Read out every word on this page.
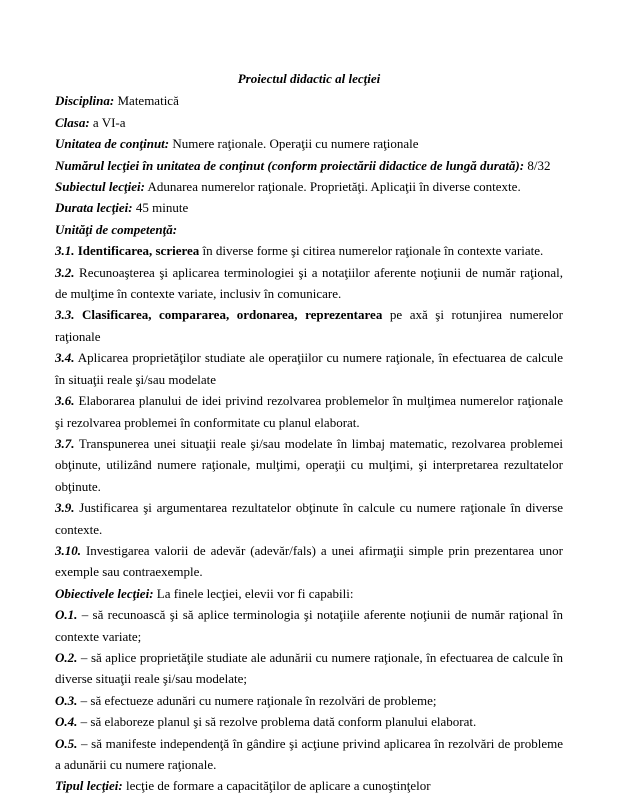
Proiectul didactic al lecţiei

Disciplina: Matematică

Clasa: a VI-a

Unitatea de conţinut: Numere raţionale. Operaţii cu numere raţionale

Numărul lecţiei în unitatea de conţinut (conform proiectării didactice de lungă durată): 8/32

Subiectul lecţiei: Adunarea numerelor raţionale. Proprietăţi. Aplicaţii în diverse contexte.

Durata lecţiei: 45 minute

Unităţi de competenţă:

3.1. Identificarea, scrierea în diverse forme şi citirea numerelor raţionale în contexte variate.

3.2. Recunoaşterea şi aplicarea terminologiei şi a notaţiilor aferente noţiunii de număr raţional, de mulţime în contexte variate, inclusiv în comunicare.

3.3. Clasificarea, compararea, ordonarea, reprezentarea pe axă şi rotunjirea numerelor raţionale

3.4. Aplicarea proprietăţilor studiate ale operaţiilor cu numere raţionale, în efectuarea de calcule în situaţii reale şi/sau modelate

3.6. Elaborarea planului de idei privind rezolvarea problemelor în mulţimea numerelor raţionale şi rezolvarea problemei în conformitate cu planul elaborat.

3.7. Transpunerea unei situaţii reale şi/sau modelate în limbaj matematic, rezolvarea problemei obţinute, utilizând numere raţionale, mulţimi, operaţii cu mulţimi, şi interpretarea rezultatelor obţinute.

3.9. Justificarea şi argumentarea rezultatelor obţinute în calcule cu numere raţionale în diverse contexte.

3.10. Investigarea valorii de adevăr (adevăr/fals) a unei afirmaţii simple prin prezentarea unor exemple sau contraexemple.

Obiectivele lecţiei: La finele lecţiei, elevii vor fi capabili:

O.1. – să recunoască şi să aplice terminologia şi notaţiile aferente noţiunii de număr raţional în contexte variate;

O.2. – să aplice proprietăţile studiate ale adunării cu numere raţionale, în efectuarea de calcule în diverse situaţii reale şi/sau modelate;

O.3. – să efectueze adunări cu numere raţionale în rezolvări de probleme;

O.4. – să elaboreze planul şi să rezolve problema dată conform planului elaborat.

O.5. – să manifeste independenţă în gândire şi acţiune privind aplicarea în rezolvări de probleme a adunării cu numere raţionale.

Tipul lecţiei: lecţie de formare a capacităţilor de aplicare a cunoştinţelor
